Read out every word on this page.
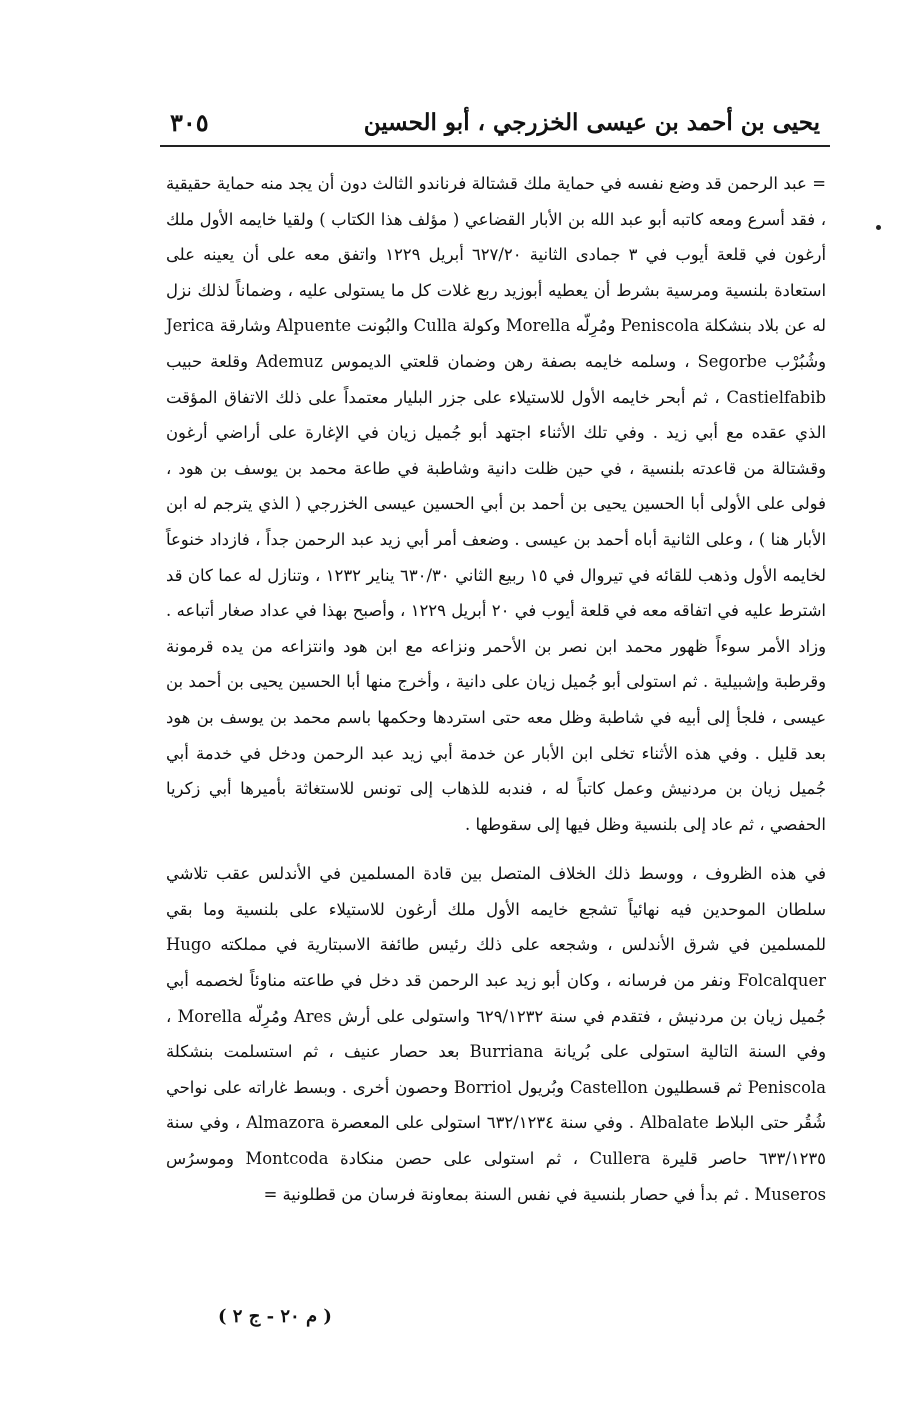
يحيى بن أحمد بن عيسى الخزرجي ، أبو الحسين
٣٠٥

= عبد الرحمن قد وضع نفسه في حماية ملك قشتالة فرناندو الثالث دون أن يجد منه حماية حقيقية ، فقد أسرع ومعه كاتبه أبو عبد الله بن الأبار القضاعي ( مؤلف هذا الكتاب ) ولقيا خايمه الأول ملك أرغون في قلعة أيوب في ٣ جمادى الثانية ٦٢٧/٢٠ أبريل ١٢٢٩ واتفق معه على أن يعينه على استعادة بلنسية ومرسية بشرط أن يعطيه أبوزيد ربع غلات كل ما يستولى عليه ، وضماناً لذلك نزل له عن بلاد بنشكلة Peniscola ومُرِلّه Morella وكولة Culla والبُونت Alpuente وشارقة Jerica وشُبُرْب Segorbe ، وسلمه خايمه بصفة رهن وضمان قلعتي الديموس Ademuz وقلعة حبيب Castielfabib ، ثم أبحر خايمه الأول للاستيلاء على جزر البليار معتمداً على ذلك الاتفاق المؤقت الذي عقده مع أبي زيد . وفي تلك الأثناء اجتهد أبو جُميل زيان في الإغارة على أراضي أرغون وقشتالة من قاعدته بلنسية ، في حين ظلت دانية وشاطبة في طاعة محمد بن يوسف بن هود ، فولى على الأولى أبا الحسين يحيى بن أحمد بن أبي الحسين عيسى الخزرجي ( الذي يترجم له ابن الأبار هنا ) ، وعلى الثانية أباه أحمد بن عيسى . وضعف أمر أبي زيد عبد الرحمن جداً ، فازداد خنوعاً لخايمه الأول وذهب للقائه في تيروال في ١٥ ربيع الثاني ٦٣٠/٣٠ يناير ١٢٣٢ ، وتنازل له عما كان قد اشترط عليه في اتفاقه معه في قلعة أيوب في ٢٠ أبريل ١٢٢٩ ، وأصبح بهذا في عداد صغار أتباعه . وزاد الأمر سوءاً ظهور محمد ابن نصر بن الأحمر ونزاعه مع ابن هود وانتزاعه من يده قرمونة وقرطبة وإشبيلية . ثم استولى أبو جُميل زيان على دانية ، وأخرج منها أبا الحسين يحيى بن أحمد بن عيسى ، فلجأ إلى أبيه في شاطبة وظل معه حتى استردها وحكمها باسم محمد بن يوسف بن هود بعد قليل . وفي هذه الأثناء تخلى ابن الأبار عن خدمة أبي زيد عبد الرحمن ودخل في خدمة أبي جُميل زيان بن مردنيش وعمل كاتباً له ، فندبه للذهاب إلى تونس للاستغاثة بأميرها أبي زكريا الحفصي ، ثم عاد إلى بلنسية وظل فيها إلى سقوطها .

في هذه الظروف ، ووسط ذلك الخلاف المتصل بين قادة المسلمين في الأندلس عقب تلاشي سلطان الموحدين فيه نهائياً تشجع خايمه الأول ملك أرغون للاستيلاء على بلنسية وما بقي للمسلمين في شرق الأندلس ، وشجعه على ذلك رئيس طائفة الاسبتارية في مملكته Hugo Folcalquer ونفر من فرسانه ، وكان أبو زيد عبد الرحمن قد دخل في طاعته مناوئاً لخصمه أبي جُميل زيان بن مردنيش ، فتقدم في سنة ٦٢٩/١٢٣٢ واستولى على أرش Ares ومُرِلّه Morella ، وفي السنة التالية استولى على بُريانة Burriana بعد حصار عنيف ، ثم استسلمت بنشكلة Peniscola ثم قسطليون Castellon وبُريول Borriol وحصون أخرى . وبسط غاراته على نواحي شُقُر حتى البلاط Albalate . وفي سنة ٦٣٢/١٢٣٤ استولى على المعصرة Almazora ، وفي سنة ٦٣٣/١٢٣٥ حاصر قليرة Cullera ، ثم استولى على حصن منكادة Montcoda وموسرُس Museros . ثم بدأ في حصار بلنسية في نفس السنة بمعاونة فرسان من قطلونية =

( م ٢٠ - ج ٢ )
